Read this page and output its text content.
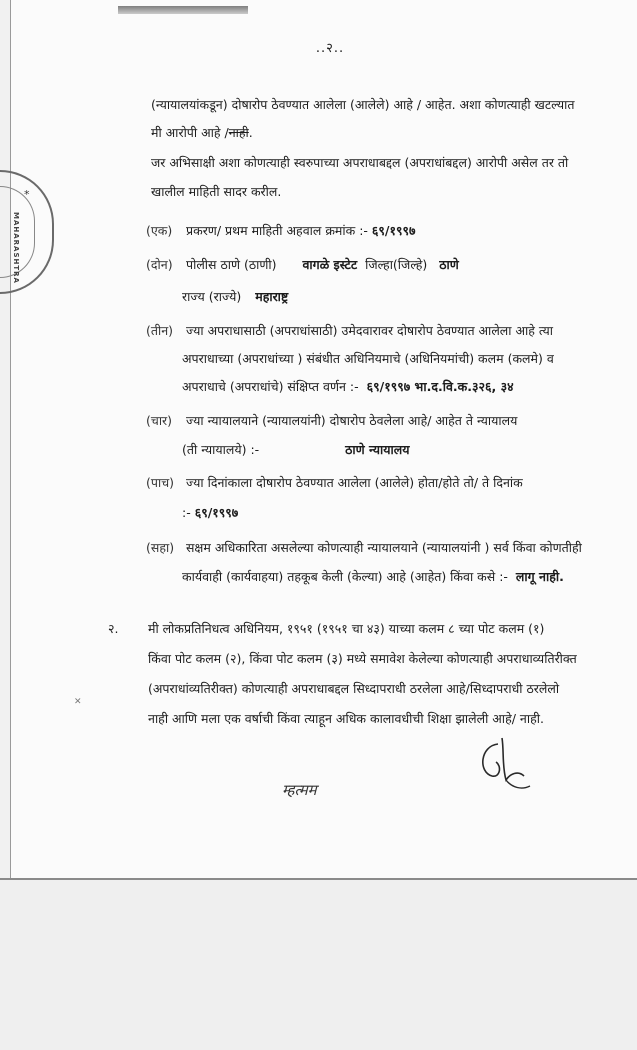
*
MAHARASHTRA
..२..
(न्यायालयांकडून) दोषारोप ठेवण्यात आलेला (आलेले) आहे / आहेत. अशा कोणत्याही खटल्यात
मी आरोपी आहे /नाही.
जर अभिसाक्षी अशा कोणत्याही स्वरुपाच्या अपराधाबद्दल (अपराधांबद्दल) आरोपी असेल तर तो
खालील माहिती सादर करील.
(एक) प्रकरण/ प्रथम माहिती अहवाल क्रमांक :- ६९/१९९७
(दोन) पोलीस ठाणे (ठाणी) वागळे इस्टेट जिल्हा(जिल्हे) ठाणे
राज्य (राज्ये) महाराष्ट्र
(तीन) ज्या अपराधासाठी (अपराधांसाठी) उमेदवारावर दोषारोप ठेवण्यात आलेला आहे त्या
अपराधाच्या (अपराधांच्या ) संबंधीत अधिनियमाचे (अधिनियमांची) कलम (कलमे) व
अपराधाचे (अपराधांचे) संक्षिप्त वर्णन :- ६९/१९९७ भा.द.वि.क.३२६, ३४
(चार) ज्या न्यायालयाने (न्यायालयांनी) दोषारोप ठेवलेला आहे/ आहेत ते न्यायालय
(ती न्यायालये) :-	ठाणे न्यायालय
(पाच) ज्या दिनांकाला दोषारोप ठेवण्यात आलेला (आलेले) होता/होते तो/ ते दिनांक
:- ६९/१९९७
(सहा) सक्षम अधिकारिता असलेल्या कोणत्याही न्यायालयाने (न्यायालयांनी ) सर्व किंवा कोणतीही
कार्यवाही (कार्यवाहया) तहकूब केली (केल्या) आहे (आहेत) किंवा कसे :- लागू नाही.
२. मी लोकप्रतिनिधत्व अधिनियम, १९५१ (१९५१ चा ४३) याच्या कलम ८ च्या पोट कलम (१)
किंवा पोट कलम (२), किंवा पोट कलम (३) मध्ये समावेश केलेल्या कोणत्याही अपराधाव्यतिरीक्त
(अपराधांव्यतिरीक्त) कोणत्याही अपराधाबद्दल सिध्दापराधी ठरलेला आहे/सिध्दापराधी ठरलेलो
नाही आणि मला एक वर्षाची किंवा त्याहून अधिक कालावधीची शिक्षा झालेली आहे/ नाही.
✕
म्हत्मम
